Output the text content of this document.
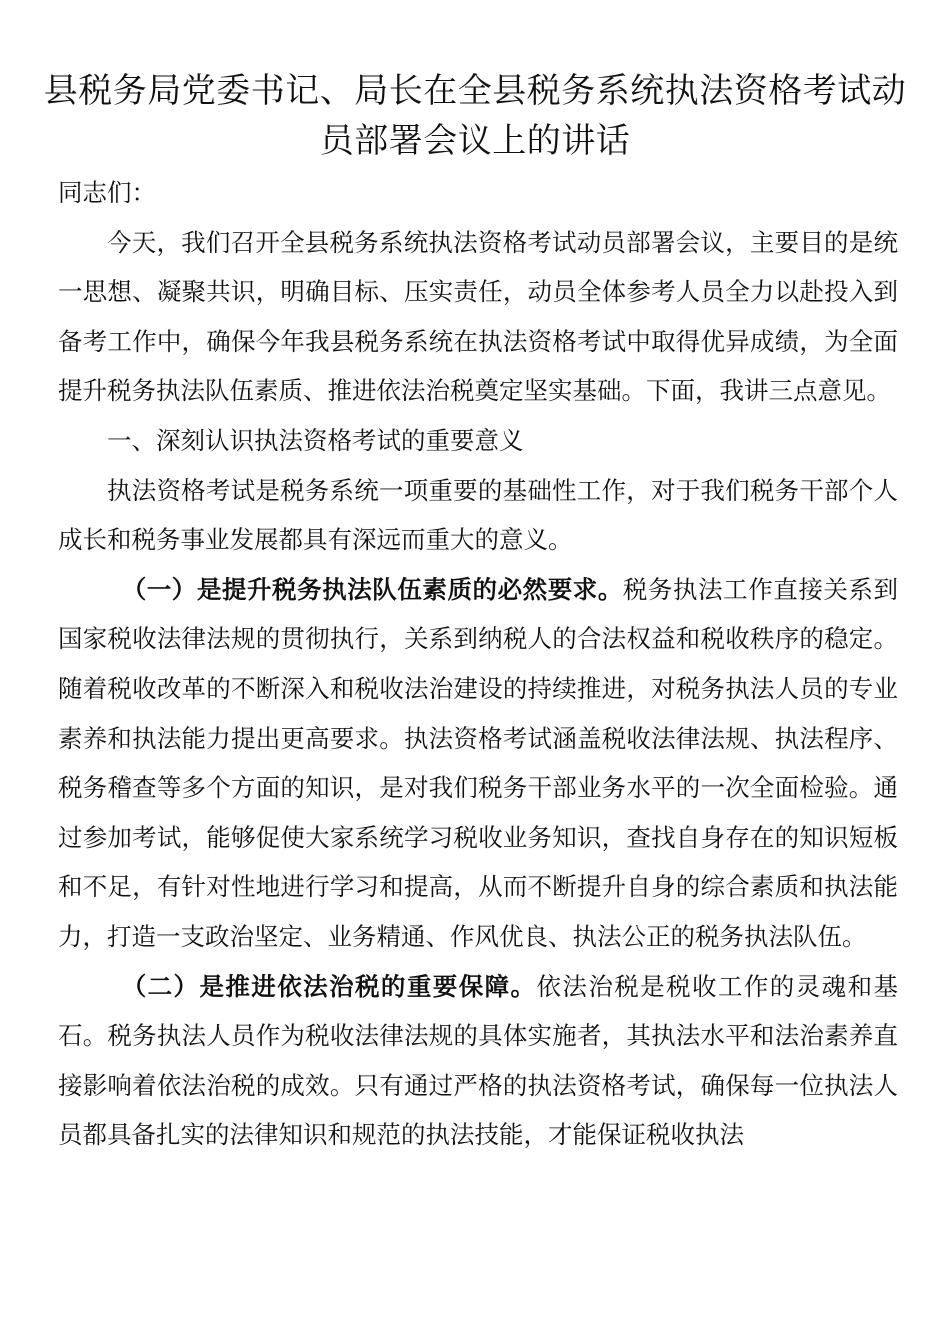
县税务局党委书记、局长在全县税务系统执法资格考试动员部署会议上的讲话

同志们：

今天，我们召开全县税务系统执法资格考试动员部署会议，主要目的是统一思想、凝聚共识，明确目标、压实责任，动员全体参考人员全力以赴投入到备考工作中，确保今年我县税务系统在执法资格考试中取得优异成绩，为全面提升税务执法队伍素质、推进依法治税奠定坚实基础。下面，我讲三点意见。

一、深刻认识执法资格考试的重要意义

执法资格考试是税务系统一项重要的基础性工作，对于我们税务干部个人成长和税务事业发展都具有深远而重大的意义。

（一）是提升税务执法队伍素质的必然要求。税务执法工作直接关系到国家税收法律法规的贯彻执行，关系到纳税人的合法权益和税收秩序的稳定。随着税收改革的不断深入和税收法治建设的持续推进，对税务执法人员的专业素养和执法能力提出更高要求。执法资格考试涵盖税收法律法规、执法程序、税务稽查等多个方面的知识，是对我们税务干部业务水平的一次全面检验。通过参加考试，能够促使大家系统学习税收业务知识，查找自身存在的知识短板和不足，有针对性地进行学习和提高，从而不断提升自身的综合素质和执法能力，打造一支政治坚定、业务精通、作风优良、执法公正的税务执法队伍。

（二）是推进依法治税的重要保障。依法治税是税收工作的灵魂和基石。税务执法人员作为税收法律法规的具体实施者，其执法水平和法治素养直接影响着依法治税的成效。只有通过严格的执法资格考试，确保每一位执法人员都具备扎实的法律知识和规范的执法技能，才能保证税收执法
